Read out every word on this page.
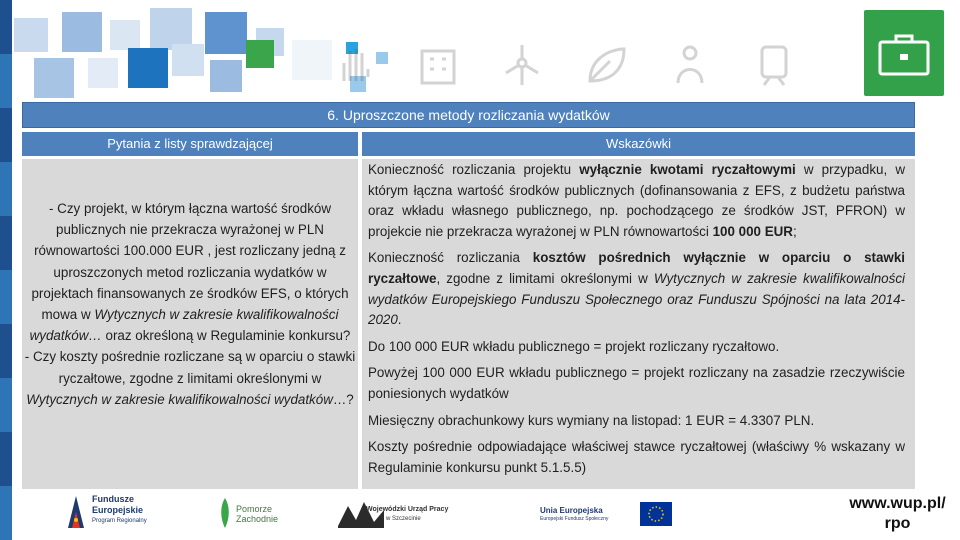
6. Uproszczone metody rozliczania wydatków
Pytania z listy sprawdzającej	Wskazówki

- Czy projekt, w którym łączna wartość środków publicznych nie przekracza wyrażonej w PLN równowartości 100.000 EUR , jest rozliczany jedną z uproszczonych metod rozliczania wydatków w projektach finansowanych ze środków EFS, o których mowa w Wytycznych w zakresie kwalifikowalności wydatków… oraz określoną w Regulaminie konkursu?

- Czy koszty pośrednie rozliczane są w oparciu o stawki ryczałtowe, zgodne z limitami określonymi w Wytycznych w zakresie kwalifikowalności wydatków…?

Konieczność rozliczania projektu wyłącznie kwotami ryczałtowymi w przypadku, w którym łączna wartość środków publicznych (dofinansowania z EFS, z budżetu państwa oraz wkładu własnego publicznego, np. pochodzącego ze środków JST, PFRON) w projekcie nie przekracza wyrażonej w PLN równowartości 100 000 EUR;

Konieczność rozliczania kosztów pośrednich wyłącznie w oparciu o stawki ryczałtowe, zgodne z limitami określonymi w Wytycznych w zakresie kwalifikowalności wydatków Europejskiego Funduszu Społecznego oraz Funduszu Spójności na lata 2014-2020.

Do 100 000 EUR wkładu publicznego = projekt rozliczany ryczałtowo.

Powyżej 100 000 EUR wkładu publicznego = projekt rozliczany na zasadzie rzeczywiście poniesionych wydatków

Miesięczny obrachunkowy kurs wymiany na listopad: 1 EUR = 4.3307 PLN.

Koszty pośrednie odpowiadające właściwej stawce ryczałtowej (właściwy % wskazany w Regulaminie konkursu punkt 5.1.5.5)

Fundusze
Europejskie
Program Regionalny
Pomorze
Zachodnie
Wojewódzki Urząd Pracy
w Szczecinie
Unia Europejska
Europejski Fundusz Społeczny
www.wup.pl/
rpo
